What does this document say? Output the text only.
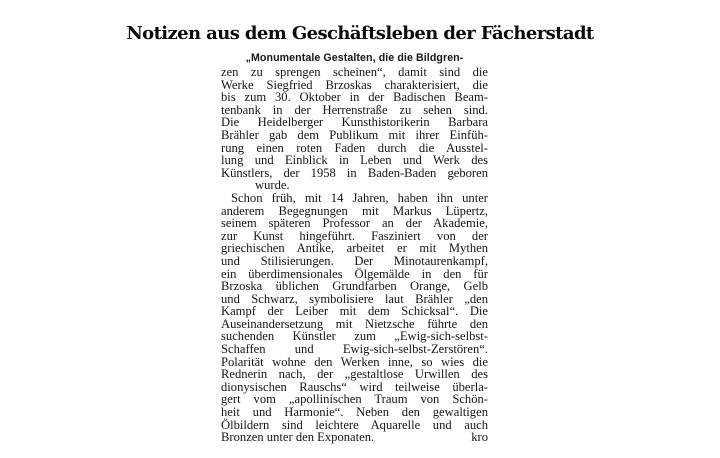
Notizen aus dem Geschäftsleben der Fächerstadt
„Monumentale Gestalten, die die Bildgren-
zen zu sprengen scheinen“, damit sind die
Werke Siegfried Brzoskas charakterisiert, die
bis zum 30. Oktober in der Badischen Beam-
tenbank in der Herrenstraße zu sehen sind.
Die Heidelberger Kunsthistorikerin Barbara
Brähler gab dem Publikum mit ihrer Einfüh-
rung einen roten Faden durch die Ausstel-
lung und Einblick in Leben und Werk des
Künstlers, der 1958 in Baden-Baden geboren
wurde.
Schon früh, mit 14 Jahren, haben ihn unter
anderem Begegnungen mit Markus Lüpertz,
seinem späteren Professor an der Akademie,
zur Kunst hingeführt. Fasziniert von der
griechischen Antike, arbeitet er mit Mythen
und Stilisierungen. Der Minotaurenkampf,
ein überdimensionales Ölgemälde in den für
Brzoska üblichen Grundfarben Orange, Gelb
und Schwarz, symbolisiere laut Brähler „den
Kampf der Leiber mit dem Schicksal“. Die
Auseinandersetzung mit Nietzsche führte den
suchenden Künstler zum „Ewig-sich-selbst-
Schaffen und Ewig-sich-selbst-Zerstören“.
Polarität wohne den Werken inne, so wies die
Rednerin nach, der „gestaltlose Urwillen des
dionysischen Rauschs“ wird teilweise überla-
gert vom „apollinischen Traum von Schön-
heit und Harmonie“. Neben den gewaltigen
Ölbildern sind leichtere Aquarelle und auch
Bronzen unter den Exponaten.	kro
